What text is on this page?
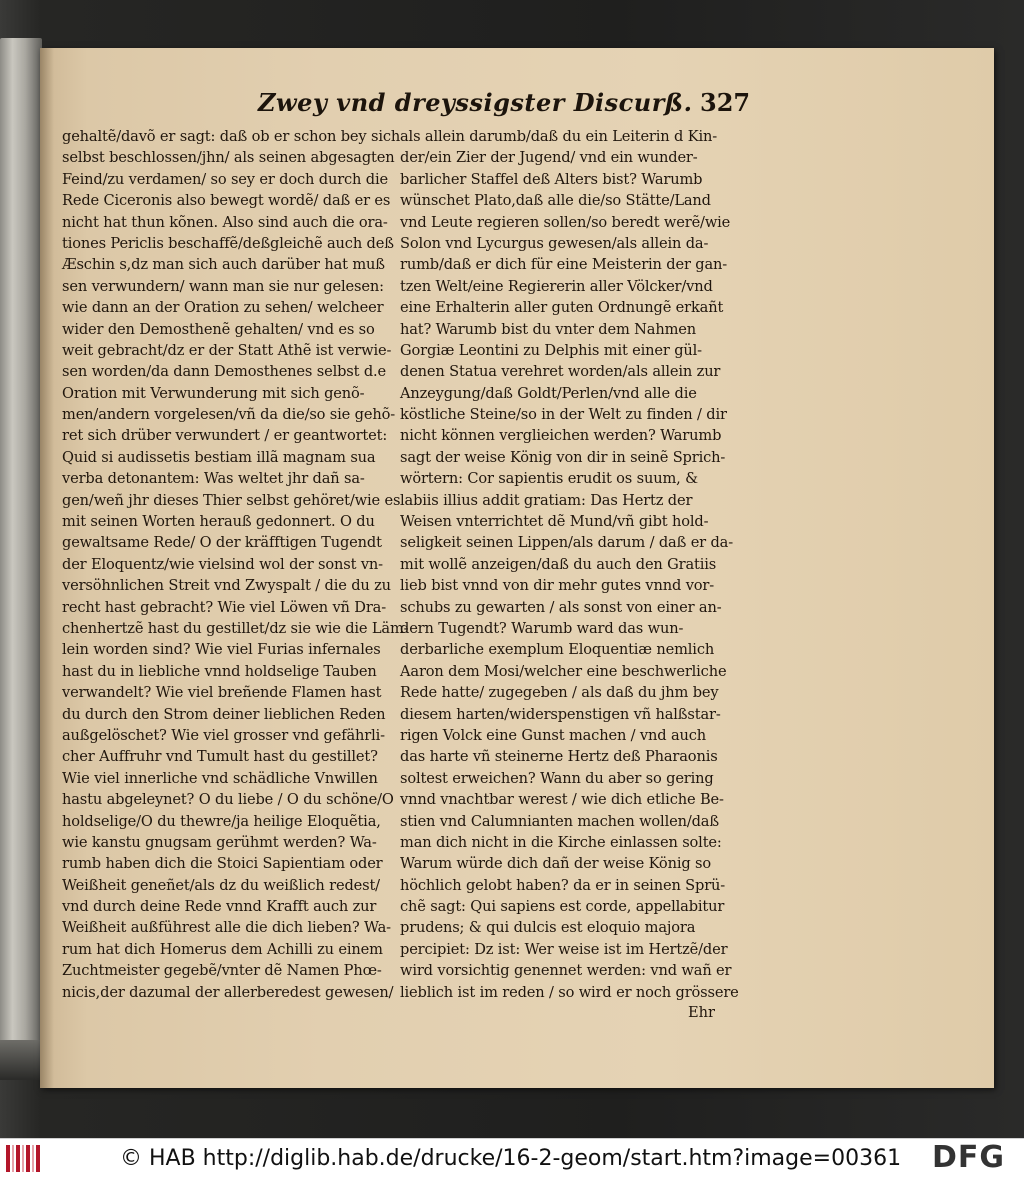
Zwey vnd dreyssigster Discurß. 327
gehaltẽ/davõ er sagt: daß ob er schon bey sich
selbst beschlossen/jhn/ als seinen abgesagten
Feind/zu verdamen/ so sey er doch durch die
Rede Ciceronis also bewegt wordẽ/ daß er es
nicht hat thun kõnen. Also sind auch die ora-
tiones Periclis beschaffẽ/deßgleichẽ auch deß
Æschin s,dz man sich auch darüber hat muß
sen verwundern/ wann man sie nur gelesen:
wie dann an der Oration zu sehen/ welcheer
wider den Demosthenẽ gehalten/ vnd es so
weit gebracht/dz er der Statt Athẽ ist verwie-
sen worden/da dann Demosthenes selbst d.e
Oration mit Verwunderung mit sich genõ-
men/andern vorgelesen/vñ da die/so sie gehõ-
ret sich drüber verwundert / er geantwortet:
Quid si audissetis bestiam illã magnam sua
verba detonantem: Was weltet jhr dañ sa-
gen/weñ jhr dieses Thier selbst gehöret/wie es
mit seinen Worten herauß gedonnert. O du
gewaltsame Rede/ O der kräfftigen Tugendt
der Eloquentz/wie vielsind wol der sonst vn-
versöhnlichen Streit vnd Zwyspalt / die du zu
recht hast gebracht? Wie viel Löwen vñ Dra-
chenhertzẽ hast du gestillet/dz sie wie die Läm-
lein worden sind? Wie viel Furias infernales
hast du in liebliche vnnd holdselige Tauben
verwandelt? Wie viel breñende Flamen hast
du durch den Strom deiner lieblichen Reden
außgelöschet? Wie viel grosser vnd gefährli-
cher Auffruhr vnd Tumult hast du gestillet?
Wie viel innerliche vnd schädliche Vnwillen
hastu abgeleynet? O du liebe / O du schöne/O
holdselige/O du thewre/ja heilige Eloquẽtia,
wie kanstu gnugsam gerühmt werden? Wa-
rumb haben dich die Stoici Sapientiam oder
Weißheit geneñet/als dz du weißlich redest/
vnd durch deine Rede vnnd Krafft auch zur
Weißheit außführest alle die dich lieben? Wa-
rum hat dich Homerus dem Achilli zu einem
Zuchtmeister gegebẽ/vnter dẽ Namen Phœ-
nicis,der dazumal der allerberedest gewesen/
als allein darumb/daß du ein Leiterin d Kin-
der/ein Zier der Jugend/ vnd ein wunder-
barlicher Staffel deß Alters bist? Warumb
wünschet Plato,daß alle die/so Stätte/Land
vnd Leute regieren sollen/so beredt werẽ/wie
Solon vnd Lycurgus gewesen/als allein da-
rumb/daß er dich für eine Meisterin der gan-
tzen Welt/eine Regiererin aller Völcker/vnd
eine Erhalterin aller guten Ordnungẽ erkañt
hat? Warumb bist du vnter dem Nahmen
Gorgiæ Leontini zu Delphis mit einer gül-
denen Statua verehret worden/als allein zur
Anzeygung/daß Goldt/Perlen/vnd alle die
köstliche Steine/so in der Welt zu finden / dir
nicht können verglieichen werden? Warumb
sagt der weise König von dir in seinẽ Sprich-
wörtern: Cor sapientis erudit os suum, &
labiis illius addit gratiam: Das Hertz der
Weisen vnterrichtet dẽ Mund/vñ gibt hold-
seligkeit seinen Lippen/als darum / daß er da-
mit wollẽ anzeigen/daß du auch den Gratiis
lieb bist vnnd von dir mehr gutes vnnd vor-
schubs zu gewarten / als sonst von einer an-
dern Tugendt? Warumb ward das wun-
derbarliche exemplum Eloquentiæ nemlich
Aaron dem Mosi/welcher eine beschwerliche
Rede hatte/ zugegeben / als daß du jhm bey
diesem harten/widerspenstigen vñ halßstar-
rigen Volck eine Gunst machen / vnd auch
das harte vñ steinerne Hertz deß Pharaonis
soltest erweichen? Wann du aber so gering
vnnd vnachtbar werest / wie dich etliche Be-
stien vnd Calumnianten machen wollen/daß
man dich nicht in die Kirche einlassen solte:
Warum würde dich dañ der weise König so
höchlich gelobt haben? da er in seinen Sprü-
chẽ sagt: Qui sapiens est corde, appellabitur
prudens; & qui dulcis est eloquio majora
percipiet: Dz ist: Wer weise ist im Hertzẽ/der
wird vorsichtig genennet werden: vnd wañ er
lieblich ist im reden / so wird er noch grössere
Ehr
© HAB http://diglib.hab.de/drucke/16-2-geom/start.htm?image=00361 DFG
